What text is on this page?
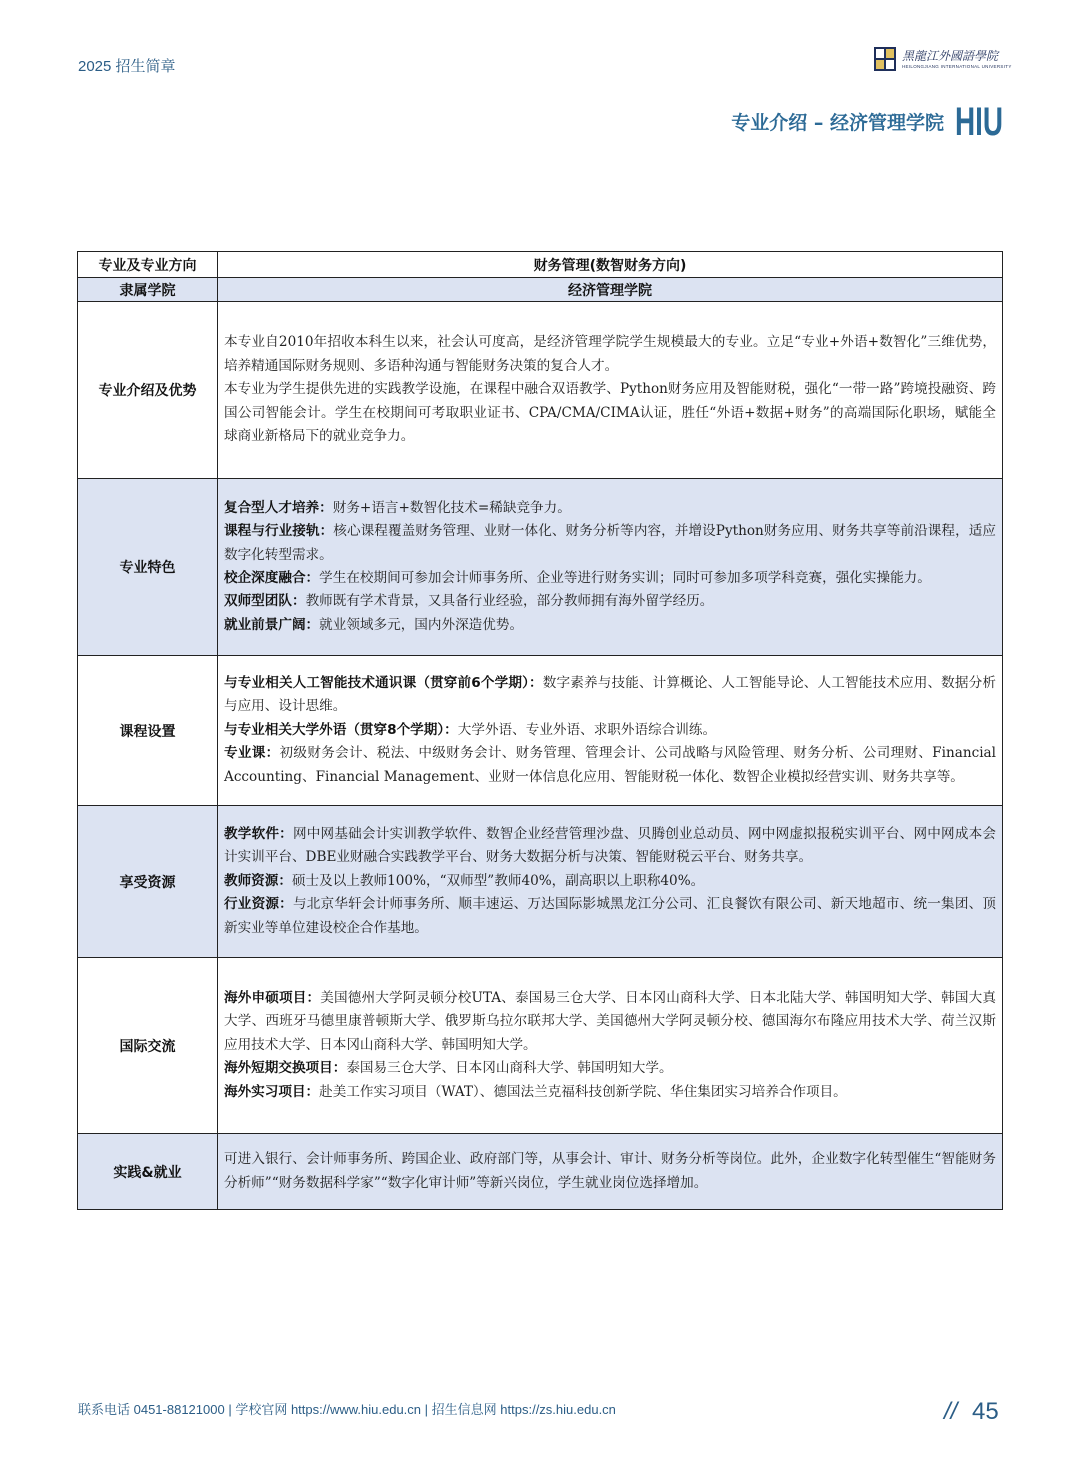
2025 招生简章
黑龍江外國語學院
HEILONGJIANG INTERNATIONAL UNIVERSITY
专业介绍 – 经济管理学院 HIU
专业及专业方向	财务管理(数智财务方向)
隶属学院	经济管理学院
专业介绍及优势	本专业自2010年招收本科生以来，社会认可度高，是经济管理学院学生规模最大的专业。立足“专业+外语+数智化”三维优势，培养精通国际财务规则、多语种沟通与智能财务决策的复合人才。
本专业为学生提供先进的实践教学设施，在课程中融合双语教学、Python财务应用及智能财税，强化“一带一路”跨境投融资、跨国公司智能会计。学生在校期间可考取职业证书、CPA/CMA/CIMA认证，胜任“外语+数据+财务”的高端国际化职场，赋能全球商业新格局下的就业竞争力。

专业特色	复合型人才培养：财务+语言+数智化技术=稀缺竞争力。
课程与行业接轨：核心课程覆盖财务管理、业财一体化、财务分析等内容，并增设Python财务应用、财务共享等前沿课程，适应数字化转型需求。
校企深度融合：学生在校期间可参加会计师事务所、企业等进行财务实训；同时可参加多项学科竞赛，强化实操能力。
双师型团队：教师既有学术背景，又具备行业经验，部分教师拥有海外留学经历。
就业前景广阔：就业领域多元，国内外深造优势。

课程设置	与专业相关人工智能技术通识课（贯穿前6个学期）：数字素养与技能、计算概论、人工智能导论、人工智能技术应用、数据分析与应用、设计思维。
与专业相关大学外语（贯穿8个学期）：大学外语、专业外语、求职外语综合训练。
专业课：初级财务会计、税法、中级财务会计、财务管理、管理会计、公司战略与风险管理、财务分析、公司理财、Financial Accounting、Financial Management、业财一体信息化应用、智能财税一体化、数智企业模拟经营实训、财务共享等。

享受资源	教学软件：网中网基础会计实训教学软件、数智企业经营管理沙盘、贝腾创业总动员、网中网虚拟报税实训平台、网中网成本会计实训平台、DBE业财融合实践教学平台、财务大数据分析与决策、智能财税云平台、财务共享。
教师资源：硕士及以上教师100%，“双师型”教师40%，副高职以上职称40%。
行业资源：与北京华轩会计师事务所、顺丰速运、万达国际影城黑龙江分公司、汇良餐饮有限公司、新天地超市、统一集团、顶新实业等单位建设校企合作基地。

国际交流	海外申硕项目：美国德州大学阿灵顿分校UTA、泰国易三仓大学、日本冈山商科大学、日本北陆大学、韩国明知大学、韩国大真大学、西班牙马德里康普顿斯大学、俄罗斯乌拉尔联邦大学、美国德州大学阿灵顿分校、德国海尔布隆应用技术大学、荷兰汉斯应用技术大学、日本冈山商科大学、韩国明知大学。
海外短期交换项目：泰国易三仓大学、日本冈山商科大学、韩国明知大学。
海外实习项目：赴美工作实习项目（WAT）、德国法兰克福科技创新学院、华住集团实习培养合作项目。

实践&就业	可进入银行、会计师事务所、跨国企业、政府部门等，从事会计、审计、财务分析等岗位。此外，企业数字化转型催生“智能财务分析师”“财务数据科学家”“数字化审计师”等新兴岗位，学生就业岗位选择增加。
联系电话 0451-88121000 | 学校官网 https://www.hiu.edu.cn | 招生信息网 https://zs.hiu.edu.cn	// 45
